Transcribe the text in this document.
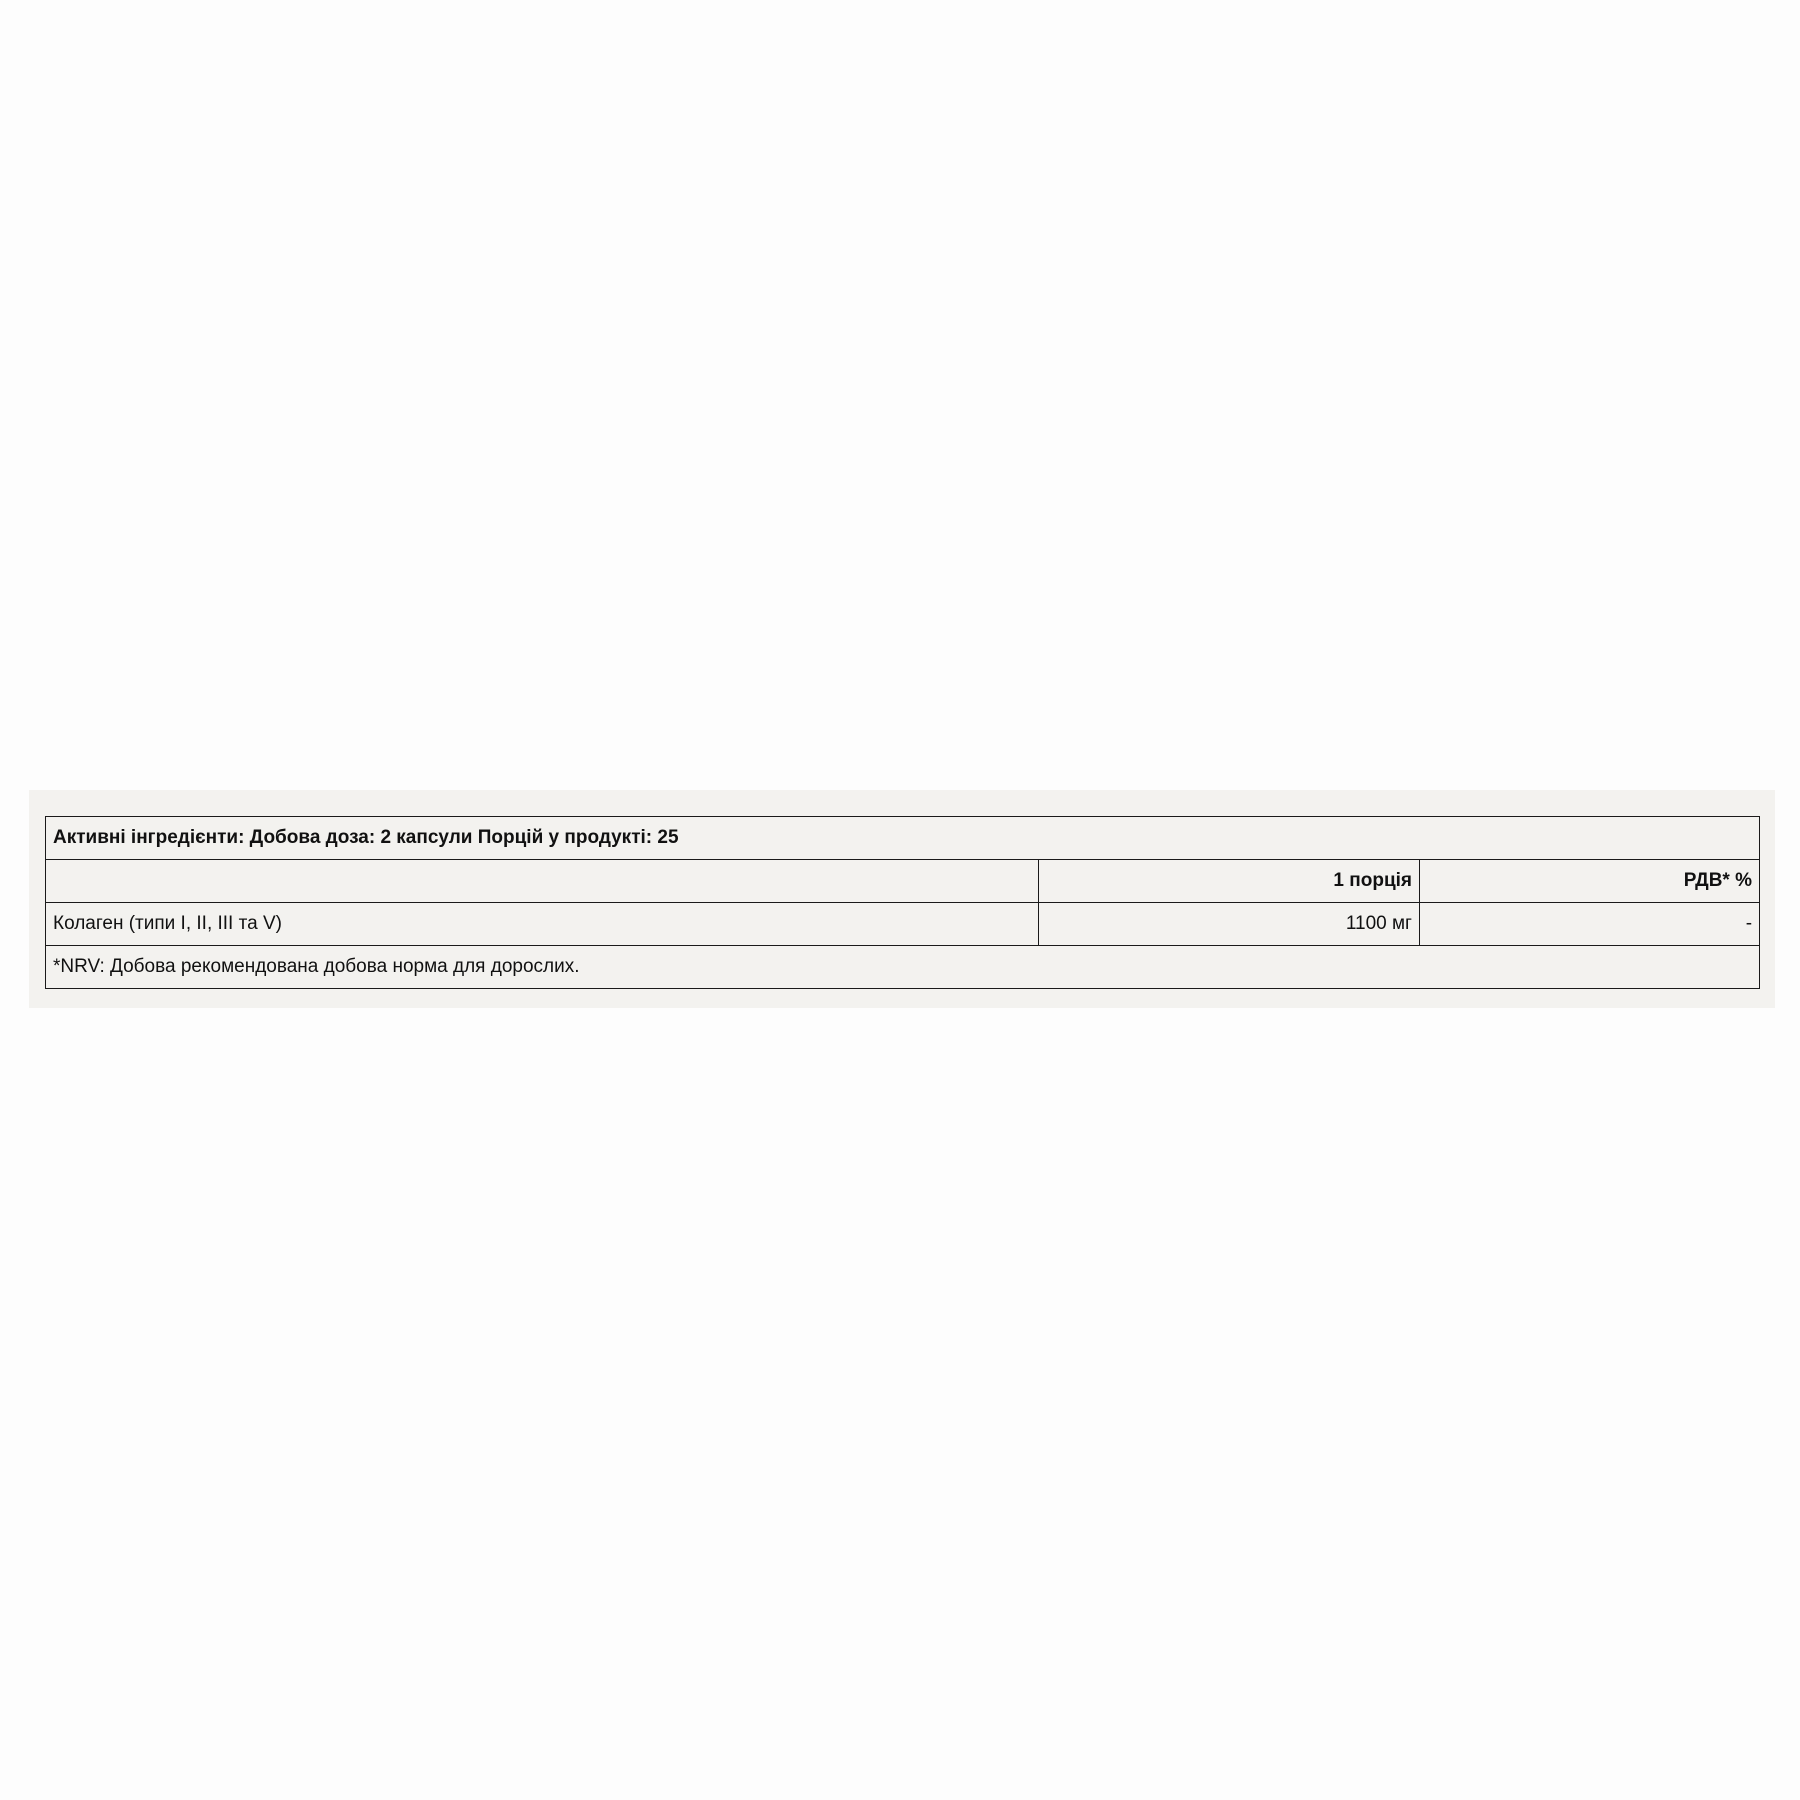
Активні інгредієнти: Добова доза: 2 капсули Порцій у продукті: 25		
	1 порція	РДВ* %
Колаген (типи I, II, III та V)	1100 мг	-
*NRV: Добова рекомендована добова норма для дорослих.		
